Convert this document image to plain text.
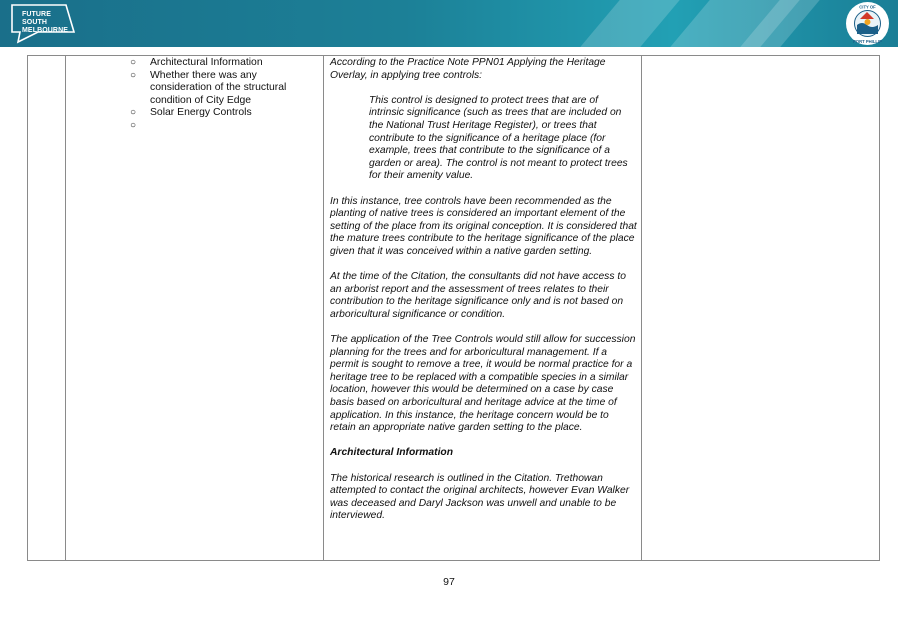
FUTURE
SOUTH
MELBOURNE
CITY OF
PORT PHILLIP

○ Architectural Information
○ Whether there was any consideration of the structural condition of City Edge
○ Solar Energy Controls
○

According to the Practice Note PPN01 Applying the Heritage Overlay, in applying tree controls:

This control is designed to protect trees that are of intrinsic significance (such as trees that are included on the National Trust Heritage Register), or trees that contribute to the significance of a heritage place (for example, trees that contribute to the significance of a garden or area). The control is not meant to protect trees for their amenity value.

In this instance, tree controls have been recommended as the planting of native trees is considered an important element of the setting of the place from its original conception. It is considered that the mature trees contribute to the heritage significance of the place given that it was conceived within a native garden setting.

At the time of the Citation, the consultants did not have access to an arborist report and the assessment of trees relates to their contribution to the heritage significance only and is not based on arboricultural significance or condition.

The application of the Tree Controls would still allow for succession planning for the trees and for arboricultural management. If a permit is sought to remove a tree, it would be normal practice for a heritage tree to be replaced with a compatible species in a similar location, however this would be determined on a case by case basis based on arboricultural and heritage advice at the time of application. In this instance, the heritage concern would be to retain an appropriate native garden setting to the place.

Architectural Information

The historical research is outlined in the Citation. Trethowan attempted to contact the original architects, however Evan Walker was deceased and Daryl Jackson was unwell and unable to be interviewed.

97
